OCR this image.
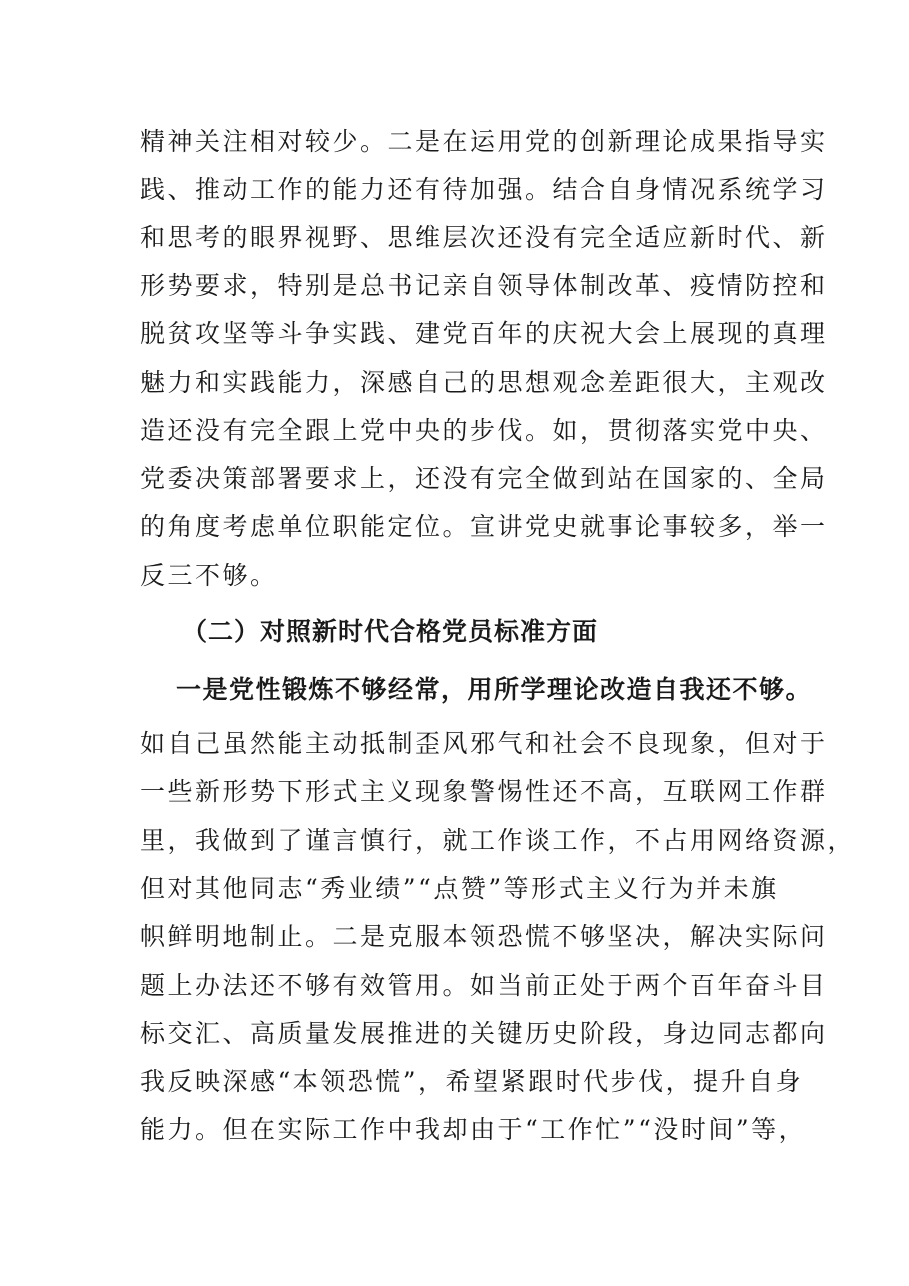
精神关注相对较少。二是在运用党的创新理论成果指导实
践、推动工作的能力还有待加强。结合自身情况系统学习
和思考的眼界视野、思维层次还没有完全适应新时代、新
形势要求，特别是总书记亲自领导体制改革、疫情防控和
脱贫攻坚等斗争实践、建党百年的庆祝大会上展现的真理
魅力和实践能力，深感自己的思想观念差距很大，主观改
造还没有完全跟上党中央的步伐。如，贯彻落实党中央、
党委决策部署要求上，还没有完全做到站在国家的、全局
的角度考虑单位职能定位。宣讲党史就事论事较多，举一
反三不够。
（二）对照新时代合格党员标准方面
一是党性锻炼不够经常，用所学理论改造自我还不够。
如自己虽然能主动抵制歪风邪气和社会不良现象，但对于
一些新形势下形式主义现象警惕性还不高，互联网工作群
里，我做到了谨言慎行，就工作谈工作，不占用网络资源，
但对其他同志“秀业绩”“点赞”等形式主义行为并未旗
帜鲜明地制止。二是克服本领恐慌不够坚决，解决实际问
题上办法还不够有效管用。如当前正处于两个百年奋斗目
标交汇、高质量发展推进的关键历史阶段，身边同志都向
我反映深感“本领恐慌”，希望紧跟时代步伐，提升自身
能力。但在实际工作中我却由于“工作忙”“没时间”等，
